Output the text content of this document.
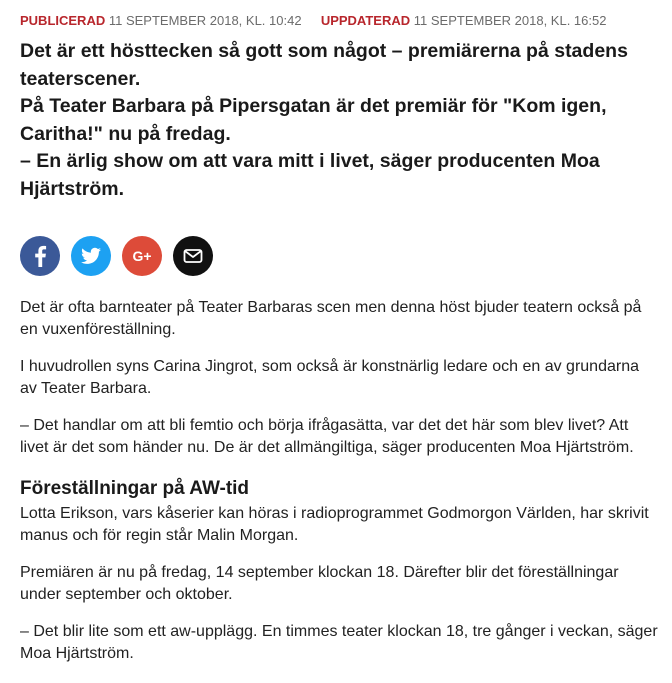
PUBLICERAD 11 SEPTEMBER 2018, KL. 10:42 UPPDATERAD 11 SEPTEMBER 2018, KL. 16:52

Det är ett hösttecken så gott som något – premiärerna på stadens teaterscener.

På Teater Barbara på Pipersgatan är det premiär för "Kom igen, Caritha!" nu på fredag.

– En ärlig show om att vara mitt i livet, säger producenten Moa Hjärtström.

G+

Det är ofta barnteater på Teater Barbaras scen men denna höst bjuder teatern också på en vuxenföreställning.

I huvudrollen syns Carina Jingrot, som också är konstnärlig ledare och en av grundarna av Teater Barbara.

– Det handlar om att bli femtio och börja ifrågasätta, var det det här som blev livet? Att livet är det som händer nu. De är det allmängiltiga, säger producenten Moa Hjärtström.

Föreställningar på AW-tid

Lotta Erikson, vars kåserier kan höras i radioprogrammet Godmorgon Världen, har skrivit manus och för regin står Malin Morgan.

Premiären är nu på fredag, 14 september klockan 18. Därefter blir det föreställningar under september och oktober.

– Det blir lite som ett aw-upplägg. En timmes teater klockan 18, tre gånger i veckan, säger Moa Hjärtström.
